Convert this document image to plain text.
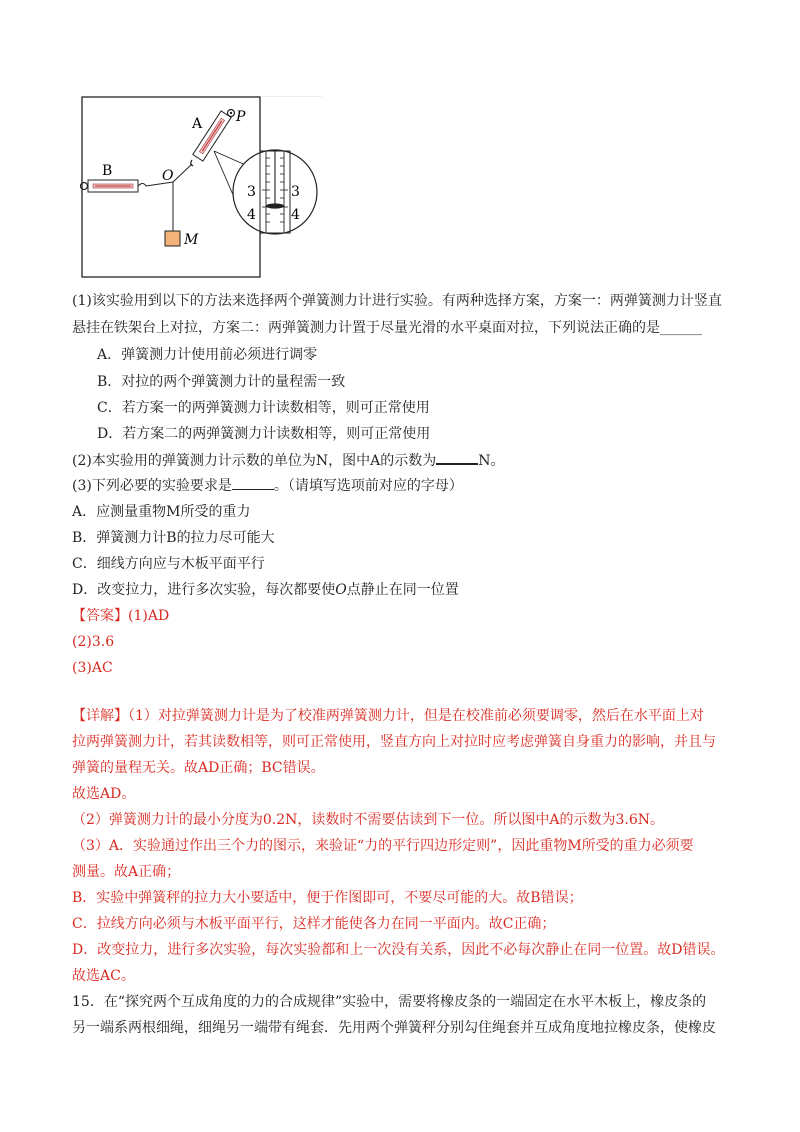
A P
B	O
M
3	3
4	4
(1)该实验用到以下的方法来选择两个弹簧测力计进行实验。有两种选择方案，方案一：两弹簧测力计竖直
悬挂在铁架台上对拉，方案二：两弹簧测力计置于尽量光滑的水平桌面对拉，下列说法正确的是______
A．弹簧测力计使用前必须进行调零
B．对拉的两个弹簧测力计的量程需一致
C．若方案一的两弹簧测力计读数相等，则可正常使用
D．若方案二的两弹簧测力计读数相等，则可正常使用
(2)本实验用的弹簧测力计示数的单位为N，图中A的示数为	N。
(3)下列必要的实验要求是	。（请填写选项前对应的字母）
A．应测量重物M所受的重力
B．弹簧测力计B的拉力尽可能大
C．细线方向应与木板平面平行
D．改变拉力，进行多次实验，每次都要使O点静止在同一位置
【答案】(1)AD
(2)3.6
(3)AC
【详解】（1）对拉弹簧测力计是为了校准两弹簧测力计，但是在校准前必须要调零，然后在水平面上对
拉两弹簧测力计，若其读数相等，则可正常使用，竖直方向上对拉时应考虑弹簧自身重力的影响，并且与
弹簧的量程无关。故AD正确；BC错误。
故选AD。
（2）弹簧测力计的最小分度为0.2N，读数时不需要估读到下一位。所以图中A的示数为3.6N。
（3）A．实验通过作出三个力的图示，来验证“力的平行四边形定则”，因此重物M所受的重力必须要
测量。故A正确；
B．实验中弹簧秤的拉力大小要适中，便于作图即可，不要尽可能的大。故B错误；
C．拉线方向必须与木板平面平行，这样才能使各力在同一平面内。故C正确；
D．改变拉力，进行多次实验，每次实验都和上一次没有关系，因此不必每次静止在同一位置。故D错误。
故选AC。
15．在“探究两个互成角度的力的合成规律”实验中，需要将橡皮条的一端固定在水平木板上，橡皮条的
另一端系两根细绳，细绳另一端带有绳套．先用两个弹簧秤分别勾住绳套并互成角度地拉橡皮条，使橡皮
